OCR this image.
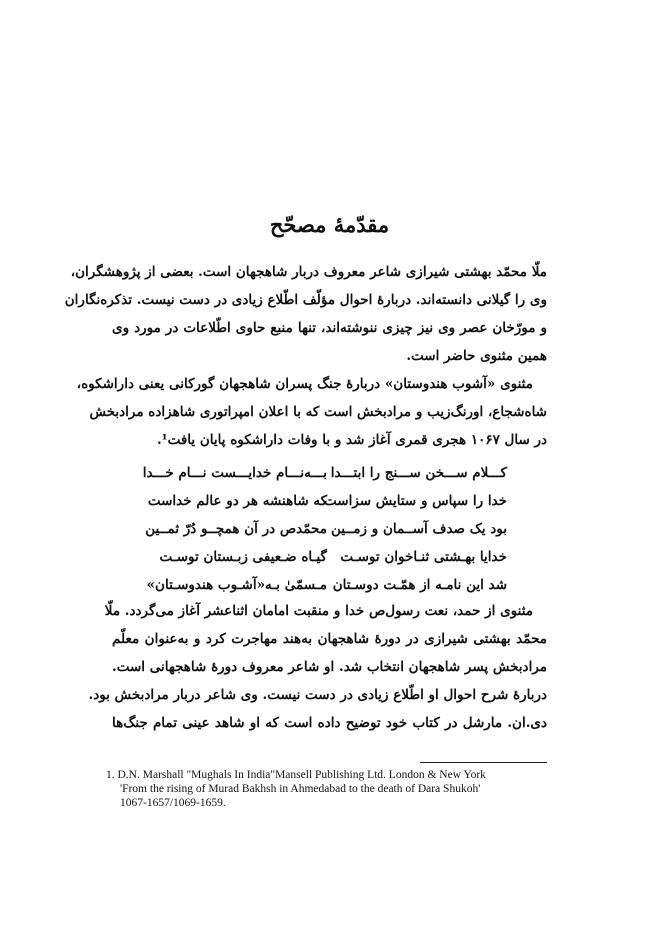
مقدّمهٔ مصحّح
ملّا محمّد بهشتی شیرازی شاعر معروف دربار شاهجهان است. بعضی از پژوهشگران،
وی را گیلانی دانسته‌اند. دربارهٔ احوال مؤلّف اطّلاع زیادی در دست نیست. تذکره‌نگاران
و مورّخان عصر وی نیز چیزی ننوشته‌اند، تنها منبع حاوی اطّلاعات در مورد وی
همین مثنوی حاضر است.
مثنوی «آشوب هندوستان» دربارهٔ جنگ پسران شاهجهان گورکانی یعنی داراشکوه،
شاه‌شجاع، اورنگ‌زیب و مرادبخش است که با اعلان امپراتوری شاهزاده مرادبخش
در سال ۱۰۶۷ هجری قمری آغاز شد و با وفات داراشکوه پایان یافت¹.
کـــلام ســـخن ســـنج را ابتـــدا
بـــه‌نـــام خدایـــست نـــام خـــدا
خدا را سپاس و ستایش سزاست
که شاهنشه هر دو عالم خداست
بود یک صدف آســمان و زمــین
محمّدص در آن همچــو دُرّ ثمــین
خدایا بهـشتی ثنـاخوان توسـت
گیـاه ضـعیفی زبـستان توسـت
شد این نامـه از همّـت دوسـتان
مـسمّیٰ بـه«آشـوب هندوسـتان»
مثنوی از حمد، نعت رسول‌ص خدا و منقبت امامان اثناعشر آغاز می‌گردد. ملّا
محمّد بهشتی شیرازی در دورهٔ شاهجهان به‌هند مهاجرت کرد و به‌عنوان معلّم
مرادبخش پسر شاهجهان انتخاب شد. او شاعر معروف دورهٔ شاهجهانی است.
دربارهٔ شرح احوال او اطّلاع زیادی در دست نیست. وی شاعر دربار مرادبخش بود.
دی.ان. مارشل در کتاب خود توضیح داده است که او شاهد عینی تمام جنگ‌ها
1. D.N. Marshall "Mughals In India"Mansell Publishing Ltd. London & New York
'From the rising of Murad Bakhsh in Ahmedabad to the death of Dara Shukoh'
1067-1657/1069-1659.
